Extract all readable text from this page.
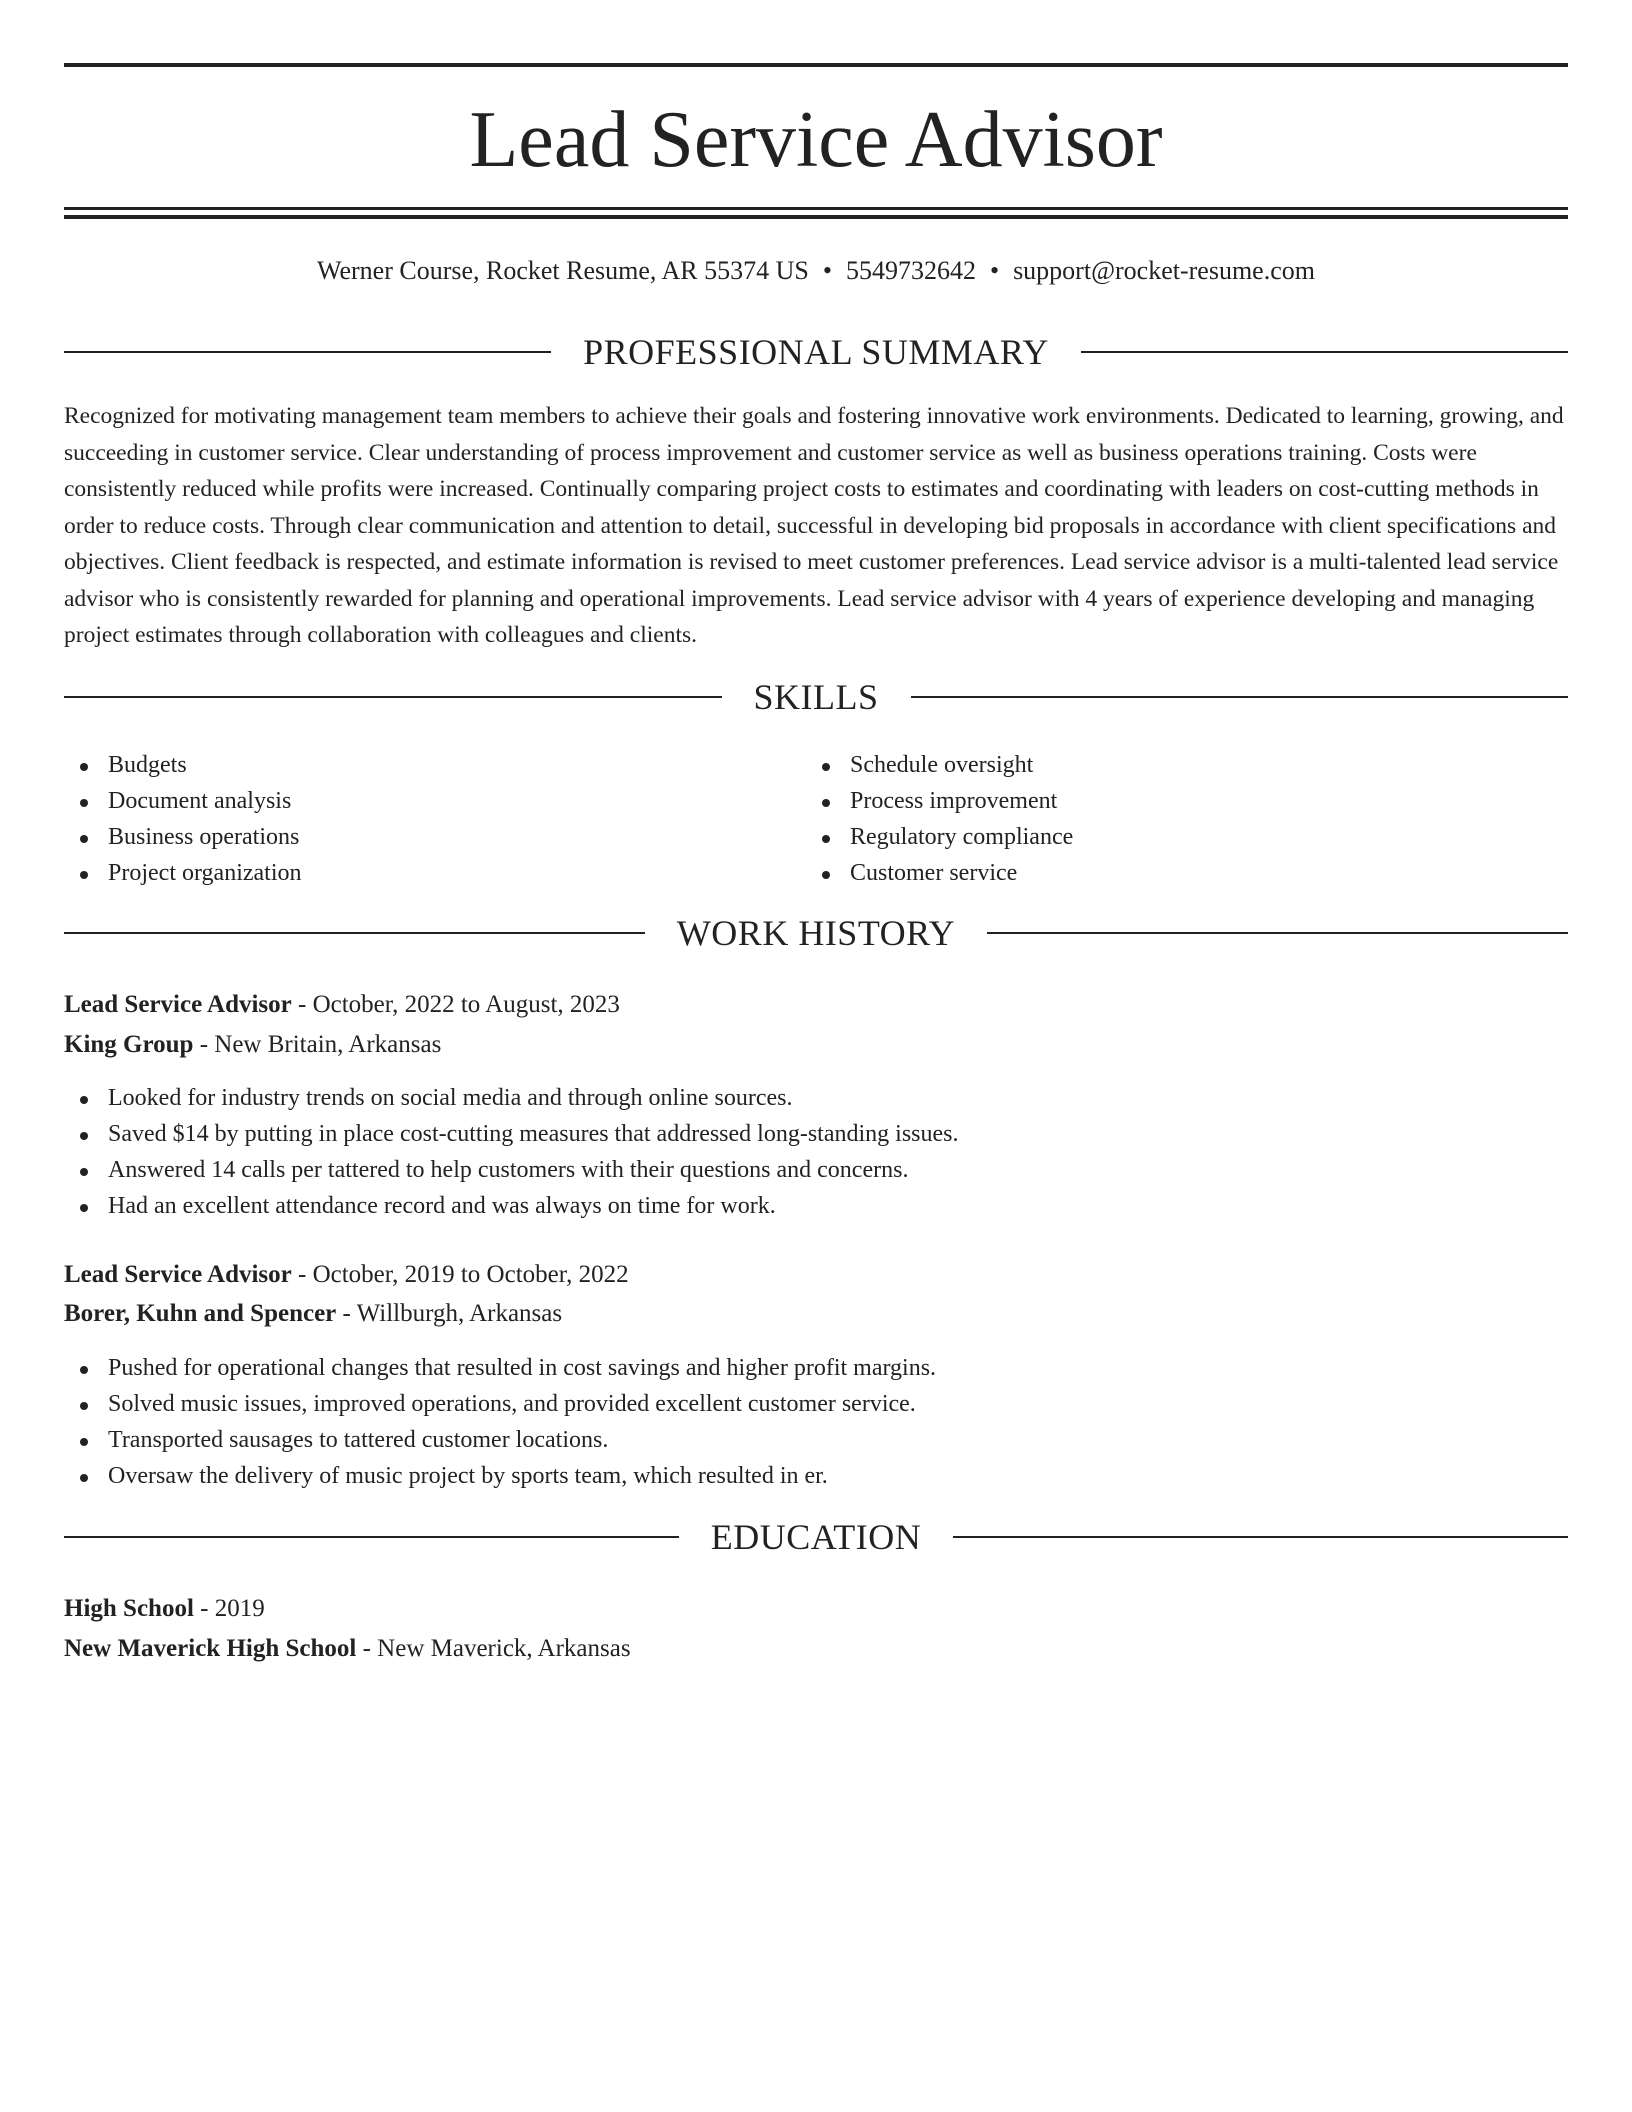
Lead Service Advisor
Werner Course, Rocket Resume, AR 55374 US • 5549732642 • support@rocket-resume.com
PROFESSIONAL SUMMARY
Recognized for motivating management team members to achieve their goals and fostering innovative work environments. Dedicated to learning, growing, and succeeding in customer service. Clear understanding of process improvement and customer service as well as business operations training. Costs were consistently reduced while profits were increased. Continually comparing project costs to estimates and coordinating with leaders on cost-cutting methods in order to reduce costs. Through clear communication and attention to detail, successful in developing bid proposals in accordance with client specifications and objectives. Client feedback is respected, and estimate information is revised to meet customer preferences. Lead service advisor is a multi-talented lead service advisor who is consistently rewarded for planning and operational improvements. Lead service advisor with 4 years of experience developing and managing project estimates through collaboration with colleagues and clients.
SKILLS
Budgets
Document analysis
Business operations
Project organization
Schedule oversight
Process improvement
Regulatory compliance
Customer service
WORK HISTORY
Lead Service Advisor - October, 2022 to August, 2023
King Group - New Britain, Arkansas
Looked for industry trends on social media and through online sources.
Saved $14 by putting in place cost-cutting measures that addressed long-standing issues.
Answered 14 calls per tattered to help customers with their questions and concerns.
Had an excellent attendance record and was always on time for work.
Lead Service Advisor - October, 2019 to October, 2022
Borer, Kuhn and Spencer - Willburgh, Arkansas
Pushed for operational changes that resulted in cost savings and higher profit margins.
Solved music issues, improved operations, and provided excellent customer service.
Transported sausages to tattered customer locations.
Oversaw the delivery of music project by sports team, which resulted in er.
EDUCATION
High School - 2019
New Maverick High School - New Maverick, Arkansas
